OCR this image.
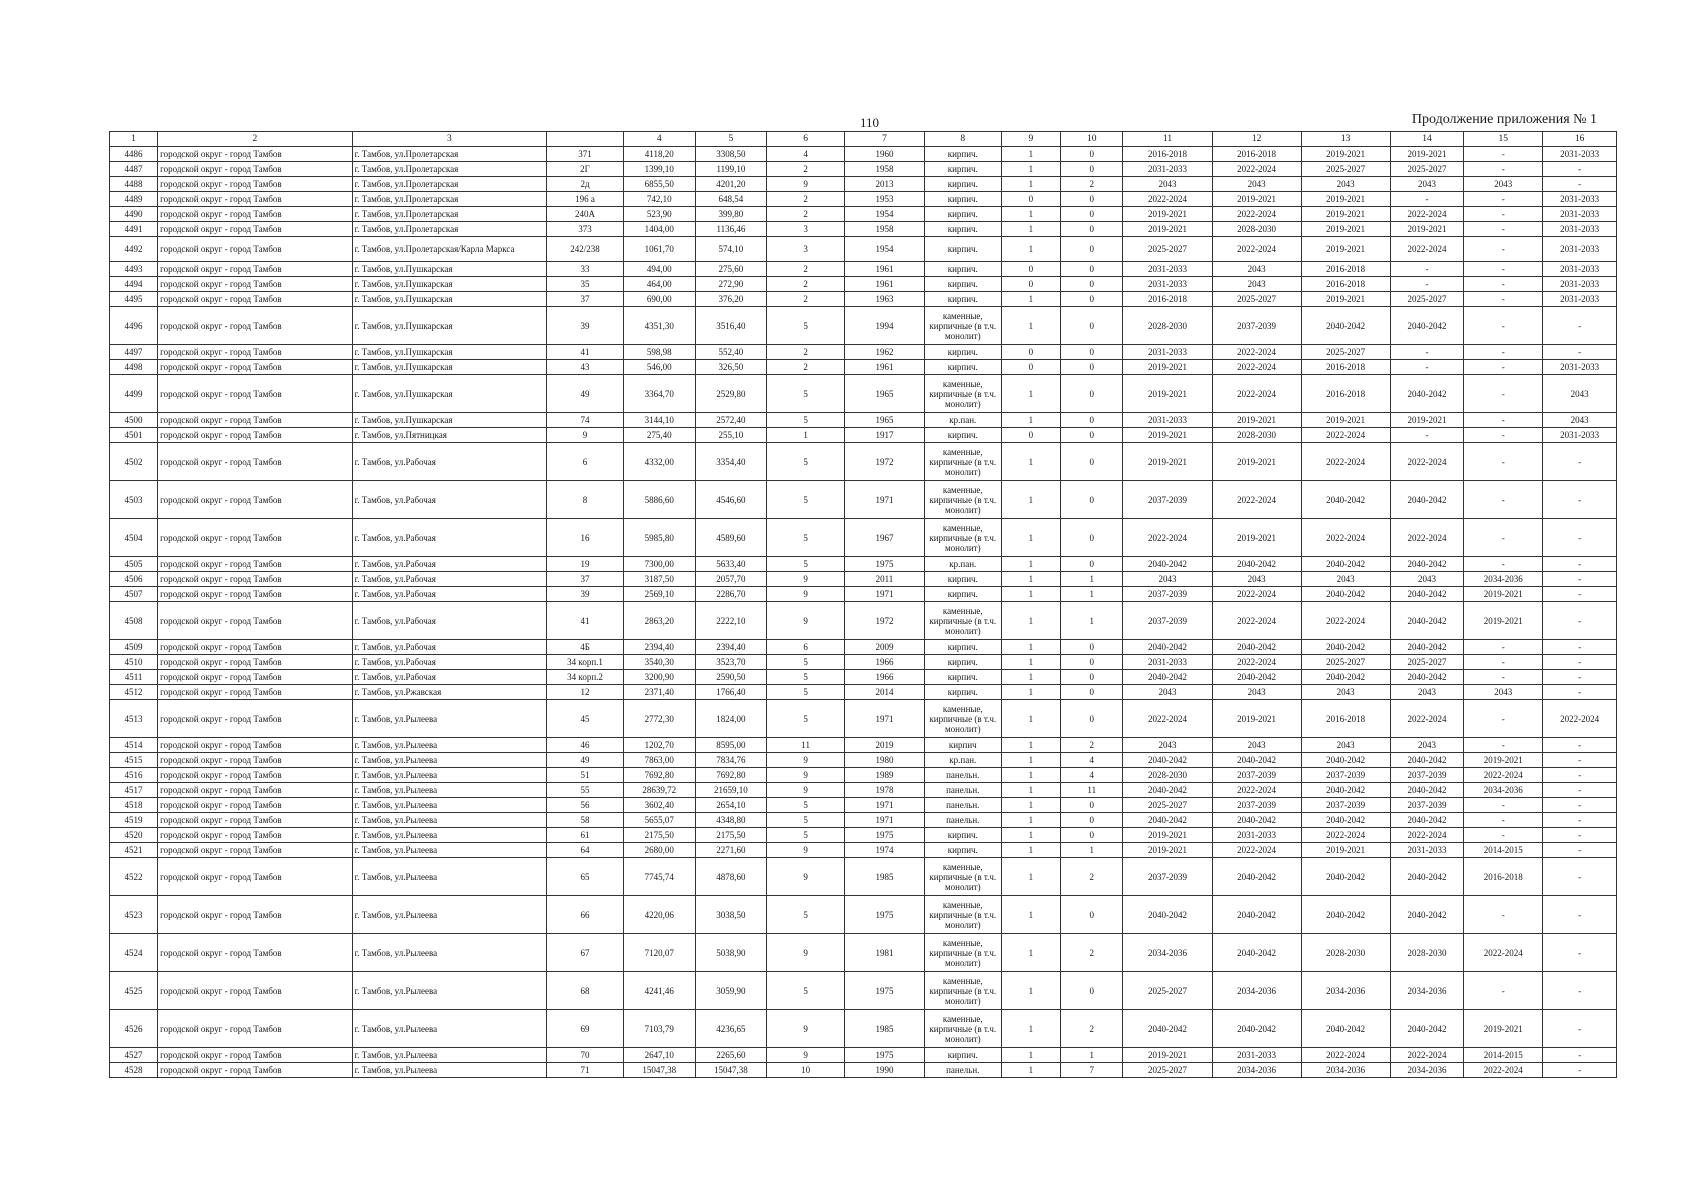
110	Продолжение приложения № 1
1	2	3		4	5	6	7	8	9	10	11	12	13	14	15	16
4486	городской округ - город Тамбов	г. Тамбов, ул.Пролетарская	371	4118,20	3308,50	4	1960	кирпич.	1	0	2016-2018	2016-2018	2019-2021	2019-2021	-	2031-2033
4487	городской округ - город Тамбов	г. Тамбов, ул.Пролетарская	2Г	1399,10	1199,10	2	1958	кирпич.	1	0	2031-2033	2022-2024	2025-2027	2025-2027	-	-
4488	городской округ - город Тамбов	г. Тамбов, ул.Пролетарская	2д	6855,50	4201,20	9	2013	кирпич.	1	2	2043	2043	2043	2043	2043	-
4489	городской округ - город Тамбов	г. Тамбов, ул.Пролетарская	196 а	742,10	648,54	2	1953	кирпич.	0	0	2022-2024	2019-2021	2019-2021	-	-	2031-2033
4490	городской округ - город Тамбов	г. Тамбов, ул.Пролетарская	240А	523,90	399,80	2	1954	кирпич.	1	0	2019-2021	2022-2024	2019-2021	2022-2024	-	2031-2033
4491	городской округ - город Тамбов	г. Тамбов, ул.Пролетарская	373	1404,00	1136,46	3	1958	кирпич.	1	0	2019-2021	2028-2030	2019-2021	2019-2021	-	2031-2033
4492	городской округ - город Тамбов	г. Тамбов, ул.Пролетарская/Карла Маркса	242/238	1061,70	574,10	3	1954	кирпич.	1	0	2025-2027	2022-2024	2019-2021	2022-2024	-	2031-2033
4493	городской округ - город Тамбов	г. Тамбов, ул.Пушкарская	33	494,00	275,60	2	1961	кирпич.	0	0	2031-2033	2043	2016-2018	-	-	2031-2033
4494	городской округ - город Тамбов	г. Тамбов, ул.Пушкарская	35	464,00	272,90	2	1961	кирпич.	0	0	2031-2033	2043	2016-2018	-	-	2031-2033
4495	городской округ - город Тамбов	г. Тамбов, ул.Пушкарская	37	690,00	376,20	2	1963	кирпич.	1	0	2016-2018	2025-2027	2019-2021	2025-2027	-	2031-2033
4496	городской округ - город Тамбов	г. Тамбов, ул.Пушкарская	39	4351,30	3516,40	5	1994	каменные, кирпичные (в т.ч. монолит)	1	0	2028-2030	2037-2039	2040-2042	2040-2042	-	-
4497	городской округ - город Тамбов	г. Тамбов, ул.Пушкарская	41	598,98	552,40	2	1962	кирпич.	0	0	2031-2033	2022-2024	2025-2027	-	-	-
4498	городской округ - город Тамбов	г. Тамбов, ул.Пушкарская	43	546,00	326,50	2	1961	кирпич.	0	0	2019-2021	2022-2024	2016-2018	-	-	2031-2033
4499	городской округ - город Тамбов	г. Тамбов, ул.Пушкарская	49	3364,70	2529,80	5	1965	каменные, кирпичные (в т.ч. монолит)	1	0	2019-2021	2022-2024	2016-2018	2040-2042	-	2043
4500	городской округ - город Тамбов	г. Тамбов, ул.Пушкарская	74	3144,10	2572,40	5	1965	кр.пан.	1	0	2031-2033	2019-2021	2019-2021	2019-2021	-	2043
4501	городской округ - город Тамбов	г. Тамбов, ул.Пятницкая	9	275,40	255,10	1	1917	кирпич.	0	0	2019-2021	2028-2030	2022-2024	-	-	2031-2033
4502	городской округ - город Тамбов	г. Тамбов, ул.Рабочая	6	4332,00	3354,40	5	1972	каменные, кирпичные (в т.ч. монолит)	1	0	2019-2021	2019-2021	2022-2024	2022-2024	-	-
4503	городской округ - город Тамбов	г. Тамбов, ул.Рабочая	8	5886,60	4546,60	5	1971	каменные, кирпичные (в т.ч. монолит)	1	0	2037-2039	2022-2024	2040-2042	2040-2042	-	-
4504	городской округ - город Тамбов	г. Тамбов, ул.Рабочая	16	5985,80	4589,60	5	1967	каменные, кирпичные (в т.ч. монолит)	1	0	2022-2024	2019-2021	2022-2024	2022-2024	-	-
4505	городской округ - город Тамбов	г. Тамбов, ул.Рабочая	19	7300,00	5633,40	5	1975	кр.пан.	1	0	2040-2042	2040-2042	2040-2042	2040-2042	-	-
4506	городской округ - город Тамбов	г. Тамбов, ул.Рабочая	37	3187,50	2057,70	9	2011	кирпич.	1	1	2043	2043	2043	2043	2034-2036	-
4507	городской округ - город Тамбов	г. Тамбов, ул.Рабочая	39	2569,10	2286,70	9	1971	кирпич.	1	1	2037-2039	2022-2024	2040-2042	2040-2042	2019-2021	-
4508	городской округ - город Тамбов	г. Тамбов, ул.Рабочая	41	2863,20	2222,10	9	1972	каменные, кирпичные (в т.ч. монолит)	1	1	2037-2039	2022-2024	2022-2024	2040-2042	2019-2021	-
4509	городской округ - город Тамбов	г. Тамбов, ул.Рабочая	4Б	2394,40	2394,40	6	2009	кирпич.	1	0	2040-2042	2040-2042	2040-2042	2040-2042	-	-
4510	городской округ - город Тамбов	г. Тамбов, ул.Рабочая	34 корп.1	3540,30	3523,70	5	1966	кирпич.	1	0	2031-2033	2022-2024	2025-2027	2025-2027	-	-
4511	городской округ - город Тамбов	г. Тамбов, ул.Рабочая	34 корп.2	3200,90	2590,50	5	1966	кирпич.	1	0	2040-2042	2040-2042	2040-2042	2040-2042	-	-
4512	городской округ - город Тамбов	г. Тамбов, ул.Ржавская	12	2371,40	1766,40	5	2014	кирпич.	1	0	2043	2043	2043	2043	2043	-
4513	городской округ - город Тамбов	г. Тамбов, ул.Рылеева	45	2772,30	1824,00	5	1971	каменные, кирпичные (в т.ч. монолит)	1	0	2022-2024	2019-2021	2016-2018	2022-2024	-	2022-2024
4514	городской округ - город Тамбов	г. Тамбов, ул.Рылеева	46	1202,70	8595,00	11	2019	кирпич	1	2	2043	2043	2043	2043	-	-
4515	городской округ - город Тамбов	г. Тамбов, ул.Рылеева	49	7863,00	7834,76	9	1980	кр.пан.	1	4	2040-2042	2040-2042	2040-2042	2040-2042	2019-2021	-
4516	городской округ - город Тамбов	г. Тамбов, ул.Рылеева	51	7692,80	7692,80	9	1989	панельн.	1	4	2028-2030	2037-2039	2037-2039	2037-2039	2022-2024	-
4517	городской округ - город Тамбов	г. Тамбов, ул.Рылеева	55	28639,72	21659,10	9	1978	панельн.	1	11	2040-2042	2022-2024	2040-2042	2040-2042	2034-2036	-
4518	городской округ - город Тамбов	г. Тамбов, ул.Рылеева	56	3602,40	2654,10	5	1971	панельн.	1	0	2025-2027	2037-2039	2037-2039	2037-2039	-	-
4519	городской округ - город Тамбов	г. Тамбов, ул.Рылеева	58	5655,07	4348,80	5	1971	панельн.	1	0	2040-2042	2040-2042	2040-2042	2040-2042	-	-
4520	городской округ - город Тамбов	г. Тамбов, ул.Рылеева	61	2175,50	2175,50	5	1975	кирпич.	1	0	2019-2021	2031-2033	2022-2024	2022-2024	-	-
4521	городской округ - город Тамбов	г. Тамбов, ул.Рылеева	64	2680,00	2271,60	9	1974	кирпич.	1	1	2019-2021	2022-2024	2019-2021	2031-2033	2014-2015	-
4522	городской округ - город Тамбов	г. Тамбов, ул.Рылеева	65	7745,74	4878,60	9	1985	каменные, кирпичные (в т.ч. монолит)	1	2	2037-2039	2040-2042	2040-2042	2040-2042	2016-2018	-
4523	городской округ - город Тамбов	г. Тамбов, ул.Рылеева	66	4220,06	3038,50	5	1975	каменные, кирпичные (в т.ч. монолит)	1	0	2040-2042	2040-2042	2040-2042	2040-2042	-	-
4524	городской округ - город Тамбов	г. Тамбов, ул.Рылеева	67	7120,07	5038,90	9	1981	каменные, кирпичные (в т.ч. монолит)	1	2	2034-2036	2040-2042	2028-2030	2028-2030	2022-2024	-
4525	городской округ - город Тамбов	г. Тамбов, ул.Рылеева	68	4241,46	3059,90	5	1975	каменные, кирпичные (в т.ч. монолит)	1	0	2025-2027	2034-2036	2034-2036	2034-2036	-	-
4526	городской округ - город Тамбов	г. Тамбов, ул.Рылеева	69	7103,79	4236,65	9	1985	каменные, кирпичные (в т.ч. монолит)	1	2	2040-2042	2040-2042	2040-2042	2040-2042	2019-2021	-
4527	городской округ - город Тамбов	г. Тамбов, ул.Рылеева	70	2647,10	2265,60	9	1975	кирпич.	1	1	2019-2021	2031-2033	2022-2024	2022-2024	2014-2015	-
4528	городской округ - город Тамбов	г. Тамбов, ул.Рылеева	71	15047,38	15047,38	10	1990	панельн.	1	7	2025-2027	2034-2036	2034-2036	2034-2036	2022-2024	-
